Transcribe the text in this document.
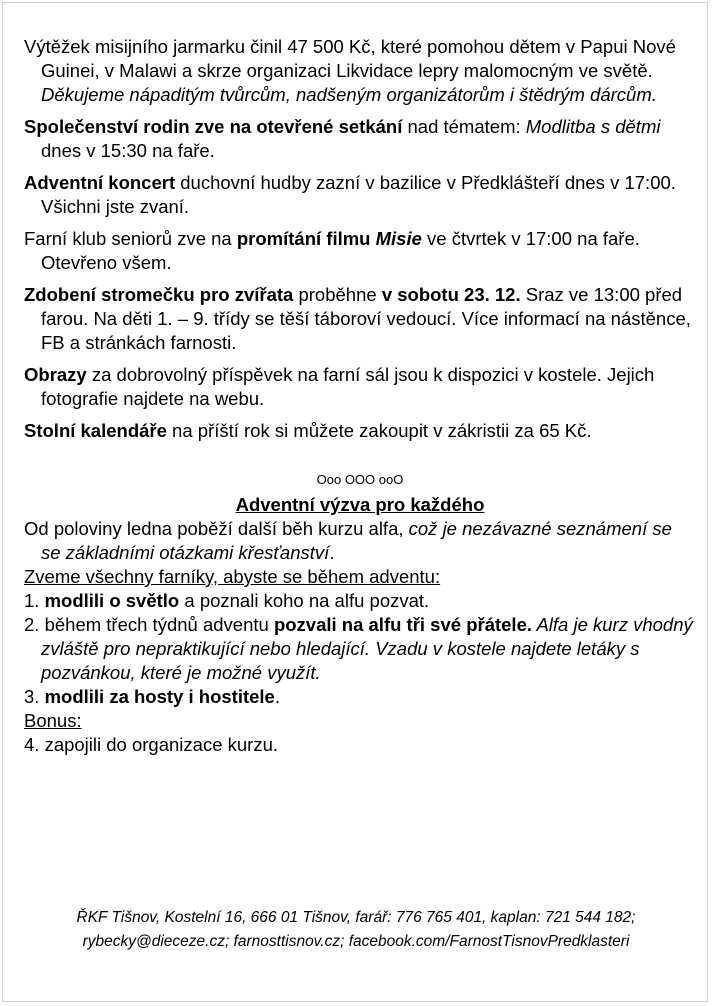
Výtěžek misijního jarmarku činil 47 500 Kč, které pomohou dětem v Papui Nové Guinei, v Malawi a skrze organizaci Likvidace lepry malomocným ve světě. Děkujeme nápaditým tvůrcům, nadšeným organizátorům i štědrým dárcům.

Společenství rodin zve na otevřené setkání nad tématem: Modlitba s dětmi dnes v 15:30 na faře.

Adventní koncert duchovní hudby zazní v bazilice v Předklášteří dnes v 17:00. Všichni jste zvaní.

Farní klub seniorů zve na promítání filmu Misie ve čtvrtek v 17:00 na faře. Otevřeno všem.

Zdobení stromečku pro zvířata proběhne v sobotu 23. 12. Sraz ve 13:00 před farou. Na děti 1. – 9. třídy se těší táboroví vedoucí. Více informací na nástěnce, FB a stránkách farnosti.

Obrazy za dobrovolný příspěvek na farní sál jsou k dispozici v kostele. Jejich fotografie najdete na webu.

Stolní kalendáře na příští rok si můžete zakoupit v zákristii za 65 Kč.

Ooo OOO ooO

Adventní výzva pro každého

Od poloviny ledna poběží další běh kurzu alfa, což je nezávazné seznámení se se základními otázkami křesťanství.

Zveme všechny farníky, abyste se během adventu:

1. modlili o světlo a poznali koho na alfu pozvat.

2. během třech týdnů adventu pozvali na alfu tři své přátele. Alfa je kurz vhodný zvláště pro nepraktikující nebo hledající. Vzadu v kostele najdete letáky s pozvánkou, které je možné využít.

3. modlili za hosty i hostitele.

Bonus:

4. zapojili do organizace kurzu.

ŘKF Tišnov, Kostelní 16, 666 01 Tišnov, farář: 776 765 401, kaplan: 721 544 182;
rybecky@dieceze.cz; farnosttisnov.cz; facebook.com/FarnostTisnovPredklasteri
